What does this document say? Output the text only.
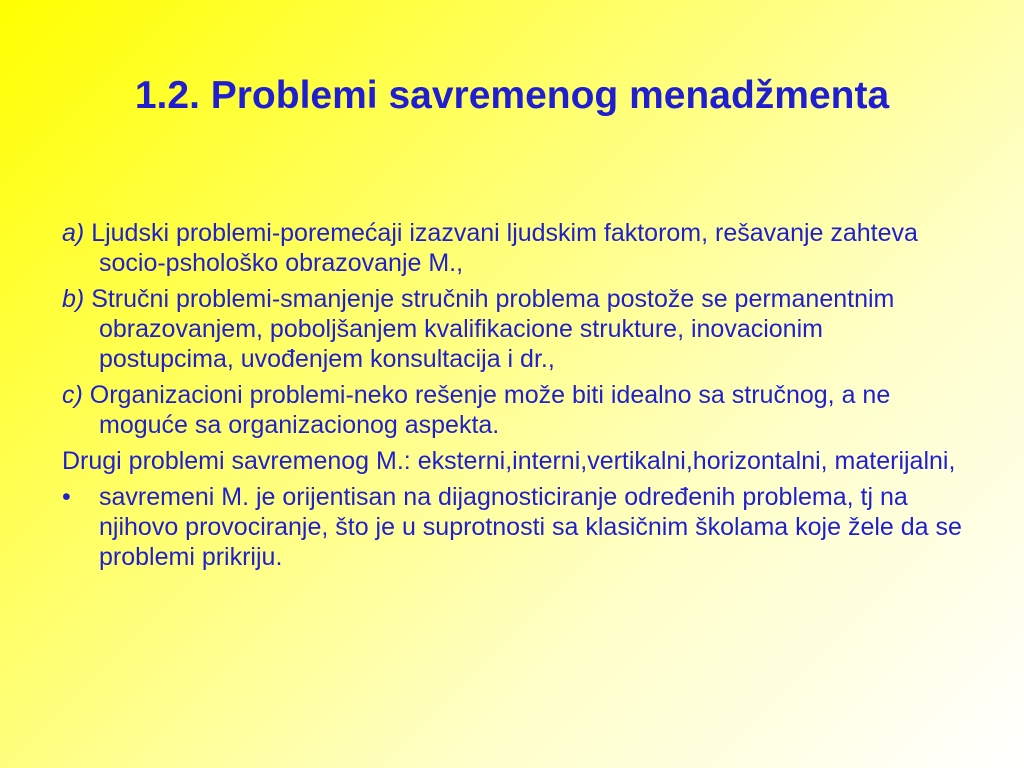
1.2. Problemi savremenog menadžmenta

a) Ljudski problemi-poremećaji izazvani ljudskim faktorom, rešavanje zahteva socio-pshološko obrazovanje M.,

b) Stručni problemi-smanjenje stručnih problema postože se permanentnim obrazovanjem, poboljšanjem kvalifikacione strukture, inovacionim postupcima, uvođenjem konsultacija i dr.,

c) Organizacioni problemi-neko rešenje može biti idealno sa stručnog, a ne moguće sa organizacionog aspekta.

Drugi problemi savremenog M.: eksterni,interni,vertikalni,horizontalni, materijalni,

• savremeni M. je orijentisan na dijagnosticiranje određenih problema, tj na njihovo provociranje, što je u suprotnosti sa klasičnim školama koje žele da se problemi prikriju.
